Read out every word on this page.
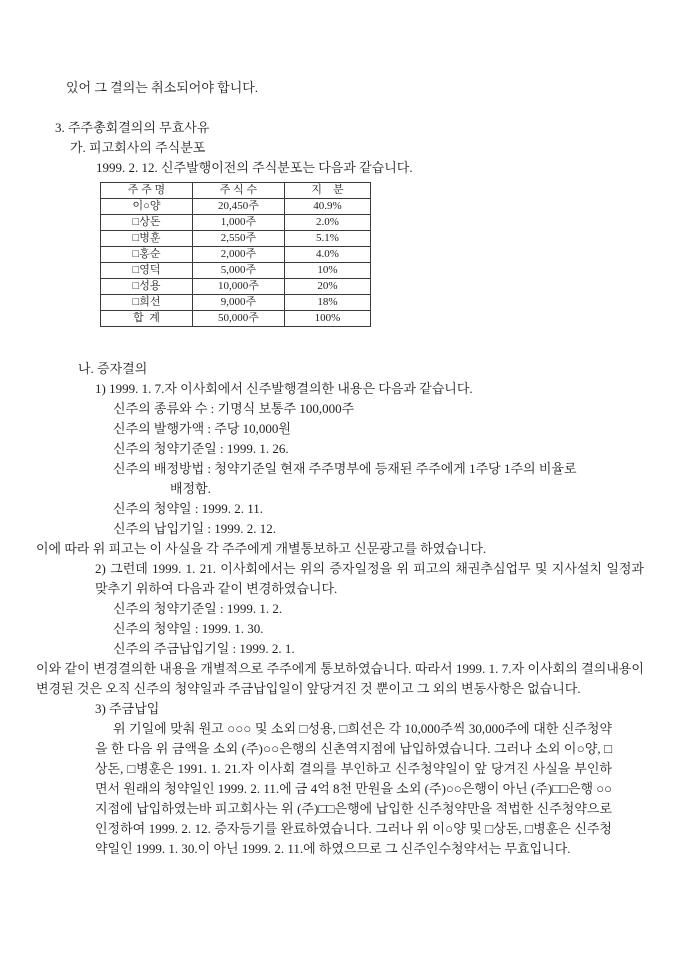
있어 그 결의는 취소되어야 합니다.

3. 주주총회결의의 무효사유
가. 피고회사의 주식분포
1999. 2. 12. 신주발행이전의 주식분포는 다음과 같습니다.
주 주 명	주 식 수	지    분
이○양	20,450주	40.9%
□상돈	1,000주	2.0%
□병훈	2,550주	5.1%
□홍순	2,000주	4.0%
□영덕	5,000주	10%
□성용	10,000주	20%
□희선	9,000주	18%
합  계	50,000주	100%
나. 증자결의
1) 1999. 1. 7.자 이사회에서 신주발행결의한 내용은 다음과 같습니다.
신주의 종류와 수 : 기명식 보통주 100,000주
신주의 발행가액 : 주당 10,000원
신주의 청약기준일 : 1999. 1. 26.
신주의 배정방법 : 청약기준일 현재 주주명부에 등재된 주주에게 1주당 1주의 비율로
배정함.
신주의 청약일 : 1999. 2. 11.
신주의 납입기일 : 1999. 2. 12.

이에 따라 위 피고는 이 사실을 각 주주에게 개별통보하고 신문광고를 하였습니다.

2) 그런데 1999. 1. 21. 이사회에서는 위의 증자일정을 위 피고의 채권추심업무 및 지사설치 일정과 맞추기 위하여 다음과 같이 변경하였습니다.
신주의 청약기준일 : 1999. 1. 2.
신주의 청약일 : 1999. 1. 30.
신주의 주금납입기일 : 1999. 2. 1.

이와 같이 변경결의한 내용을 개별적으로 주주에게 통보하였습니다. 따라서 1999. 1. 7.자 이사회의 결의내용이 변경된 것은 오직 신주의 청약일과 주금납입일이 앞당겨진 것 뿐이고 그 외의 변동사항은 없습니다.

3) 주금납입

위 기일에 맞춰 원고 ○○○ 및 소외 □성용, □희선은 각 10,000주씩 30,000주에 대한 신주청약을 한 다음 위 금액을 소외 (주)○○은행의 신촌역지점에 납입하였습니다. 그러나 소외 이○양, □상돈, □병훈은 1991. 1. 21.자 이사회 결의를 부인하고 신주청약일이 앞 당겨진 사실을 부인하면서 원래의 청약일인 1999. 2. 11.에 금 4억 8천 만원을 소외 (주)○○은행이 아닌 (주)□□은행 ○○지점에 납입하였는바 피고회사는 위 (주)□□은행에 납입한 신주청약만을 적법한 신주청약으로 인정하여 1999. 2. 12. 증자등기를 완료하였습니다. 그러나 위 이○양 및 □상돈, □병훈은 신주청약일인 1999. 1. 30.이 아닌 1999. 2. 11.에 하였으므로 그 신주인수청약서는 무효입니다.
